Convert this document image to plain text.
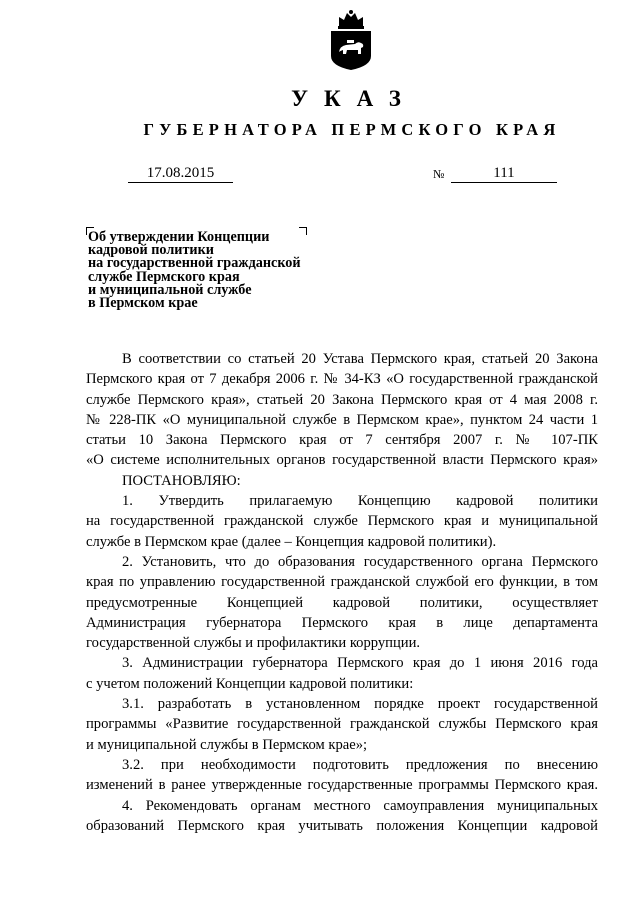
УКАЗ
ГУБЕРНАТОРА ПЕРМСКОГО КРАЯ
17.08.2015	№	111
Об утверждении Концепции
кадровой политики
на государственной гражданской
службе Пермского края
и муниципальной службе
в Пермском крае
В соответствии со статьей 20 Устава Пермского края, статьей 20 Закона
Пермского края от 7 декабря 2006 г. № 34-КЗ «О государственной гражданской
службе Пермского края», статьей 20 Закона Пермского края от 4 мая 2008 г.
№ 228-ПК «О муниципальной службе в Пермском крае», пунктом 24 части 1
статьи 10 Закона Пермского края от 7 сентября 2007 г. № 107-ПК
«О системе исполнительных органов государственной власти Пермского края»
ПОСТАНОВЛЯЮ:
1. Утвердить прилагаемую Концепцию кадровой политики
на государственной гражданской службе Пермского края и муниципальной
службе в Пермском крае (далее – Концепция кадровой политики).
2. Установить, что до образования государственного органа Пермского
края по управлению государственной гражданской службой его функции, в том
предусмотренные Концепцией кадровой политики, осуществляет
Администрация губернатора Пермского края в лице департамента
государственной службы и профилактики коррупции.
3. Администрации губернатора Пермского края до 1 июня 2016 года
с учетом положений Концепции кадровой политики:
3.1. разработать в установленном порядке проект государственной
программы «Развитие государственной гражданской службы Пермского края
и муниципальной службы в Пермском крае»;
3.2. при необходимости подготовить предложения по внесению
изменений в ранее утвержденные государственные программы Пермского края.
4. Рекомендовать органам местного самоуправления муниципальных
образований Пермского края учитывать положения Концепции кадровой
